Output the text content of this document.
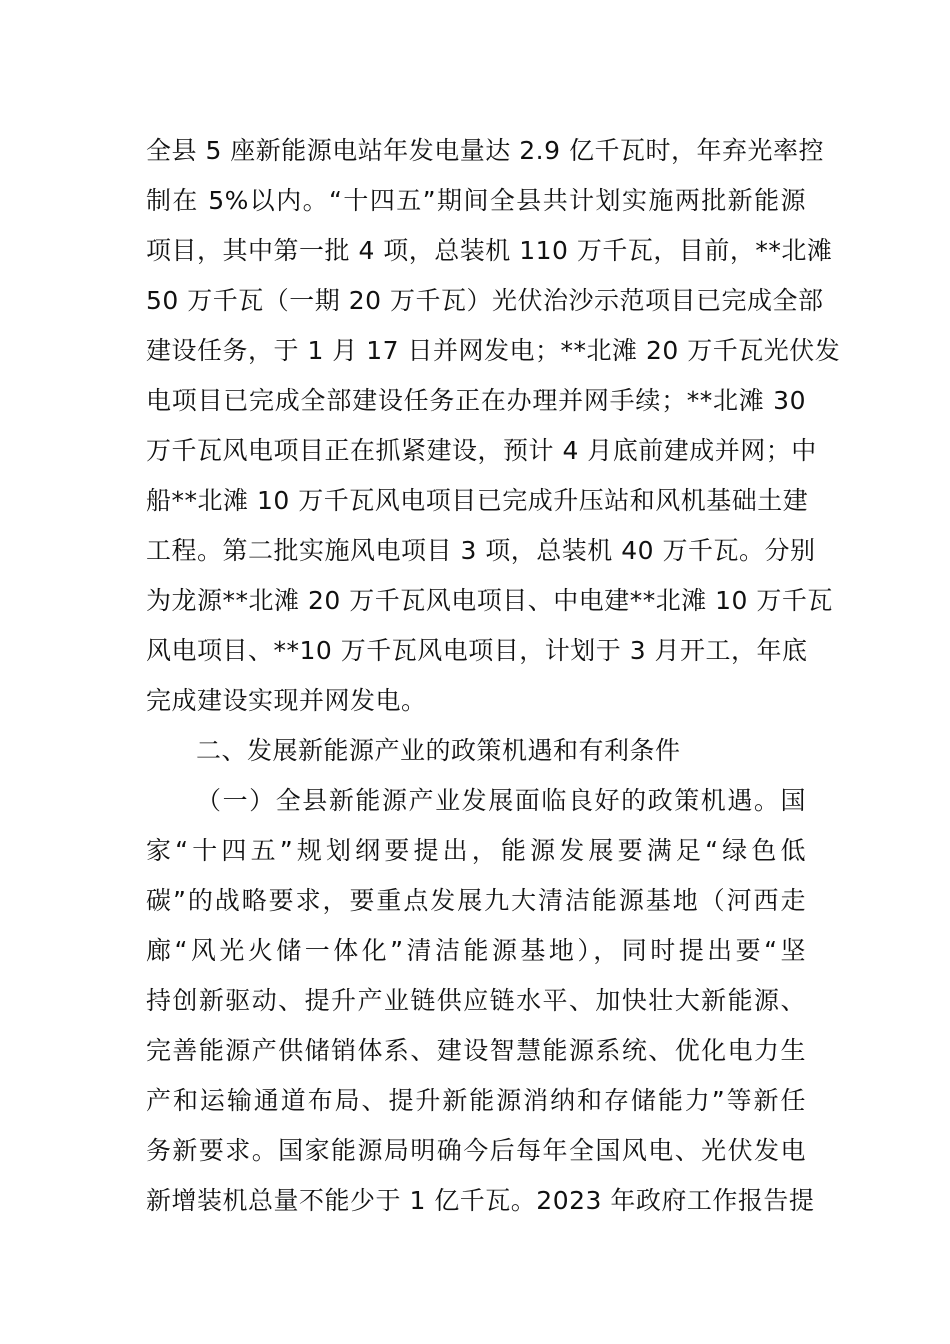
全县 5 座新能源电站年发电量达 2.9 亿千瓦时，年弃光率控
制在 5%以内。“十四五”期间全县共计划实施两批新能源
项目，其中第一批 4 项，总装机 110 万千瓦，目前，**北滩
50 万千瓦（一期 20 万千瓦）光伏治沙示范项目已完成全部
建设任务，于 1 月 17 日并网发电；**北滩 20 万千瓦光伏发
电项目已完成全部建设任务正在办理并网手续；**北滩 30
万千瓦风电项目正在抓紧建设，预计 4 月底前建成并网；中
船**北滩 10 万千瓦风电项目已完成升压站和风机基础土建
工程。第二批实施风电项目 3 项，总装机 40 万千瓦。分别
为龙源**北滩 20 万千瓦风电项目、中电建**北滩 10 万千瓦
风电项目、**10 万千瓦风电项目，计划于 3 月开工，年底
完成建设实现并网发电。
二、发展新能源产业的政策机遇和有利条件
（一）全县新能源产业发展面临良好的政策机遇。国
家“十四五”规划纲要提出，能源发展要满足“绿色低
碳”的战略要求，要重点发展九大清洁能源基地（河西走
廊“风光火储一体化”清洁能源基地），同时提出要“坚
持创新驱动、提升产业链供应链水平、加快壮大新能源、
完善能源产供储销体系、建设智慧能源系统、优化电力生
产和运输通道布局、提升新能源消纳和存储能力”等新任
务新要求。国家能源局明确今后每年全国风电、光伏发电
新增装机总量不能少于 1 亿千瓦。2023 年政府工作报告提
